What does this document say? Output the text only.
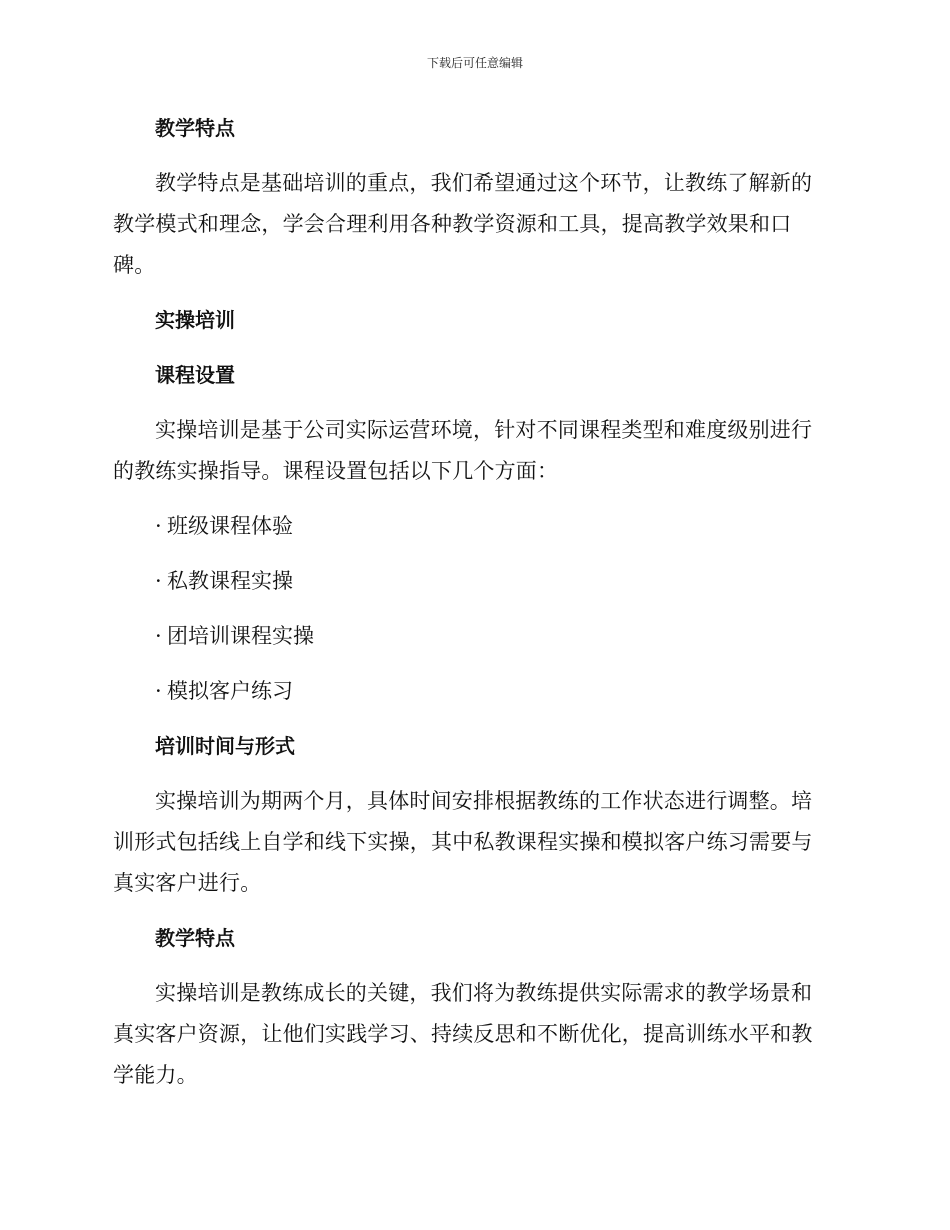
下载后可任意编辑
教学特点

教学特点是基础培训的重点，我们希望通过这个环节，让教练了解新的教学模式和理念，学会合理利用各种教学资源和工具，提高教学效果和口碑。

实操培训
课程设置

实操培训是基于公司实际运营环境，针对不同课程类型和难度级别进行的教练实操指导。课程设置包括以下几个方面：

· 班级课程体验
· 私教课程实操
· 团培训课程实操
· 模拟客户练习
培训时间与形式

实操培训为期两个月，具体时间安排根据教练的工作状态进行调整。培训形式包括线上自学和线下实操，其中私教课程实操和模拟客户练习需要与真实客户进行。

教学特点

实操培训是教练成长的关键，我们将为教练提供实际需求的教学场景和真实客户资源，让他们实践学习、持续反思和不断优化，提高训练水平和教学能力。
